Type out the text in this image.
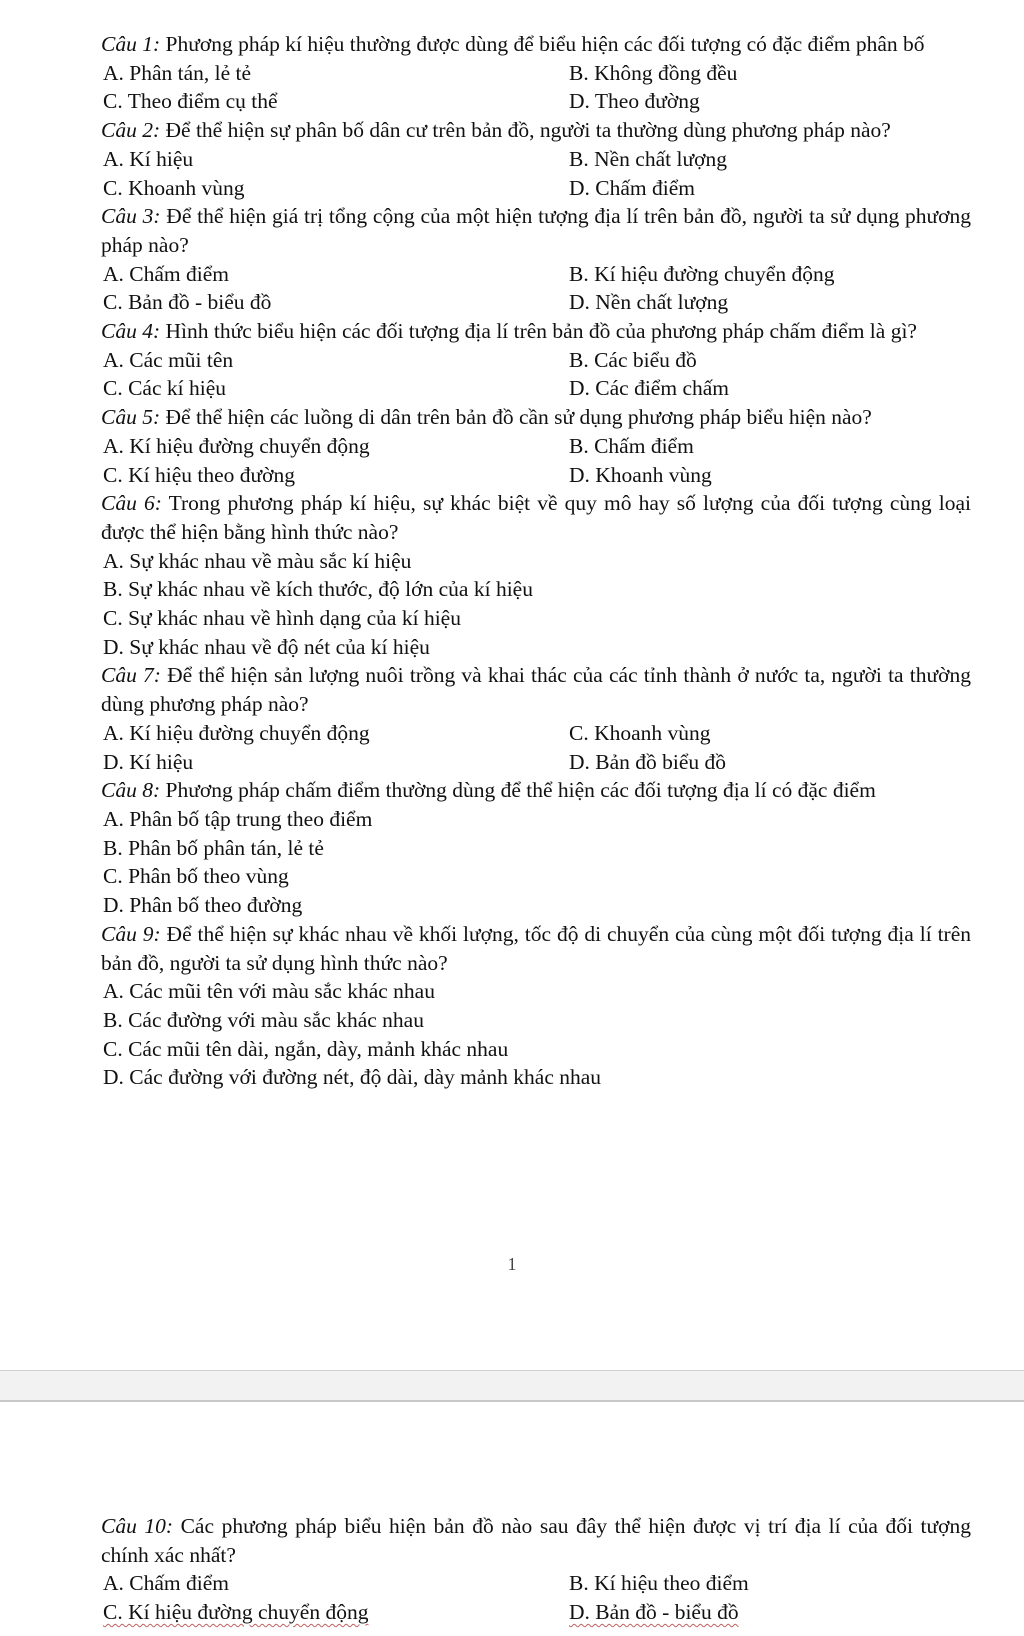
Câu 1: Phương pháp kí hiệu thường được dùng để biểu hiện các đối tượng có đặc điểm phân bố
A. Phân tán, lẻ tẻ	B. Không đồng đều
C. Theo điểm cụ thể	D. Theo đường
Câu 2: Để thể hiện sự phân bố dân cư trên bản đồ, người ta thường dùng phương pháp nào?
A. Kí hiệu	B. Nền chất lượng
C. Khoanh vùng	D. Chấm điểm
Câu 3: Để thể hiện giá trị tổng cộng của một hiện tượng địa lí trên bản đồ, người ta sử dụng phương pháp nào?
A. Chấm điểm	B. Kí hiệu đường chuyển động
C. Bản đồ - biểu đồ	D. Nền chất lượng
Câu 4: Hình thức biểu hiện các đối tượng địa lí trên bản đồ của phương pháp chấm điểm là gì?
A. Các mũi tên	B. Các biểu đồ
C. Các kí hiệu	D. Các điểm chấm
Câu 5: Để thể hiện các luồng di dân trên bản đồ cần sử dụng phương pháp biểu hiện nào?
A. Kí hiệu đường chuyển động	B. Chấm điểm
C. Kí hiệu theo đường	D. Khoanh vùng
Câu 6: Trong phương pháp kí hiệu, sự khác biệt về quy mô hay số lượng của đối tượng cùng loại được thể hiện bằng hình thức nào?
A. Sự khác nhau về màu sắc kí hiệu
B. Sự khác nhau về kích thước, độ lớn của kí hiệu
C. Sự khác nhau về hình dạng của kí hiệu
D. Sự khác nhau về độ nét của kí hiệu
Câu 7: Để thể hiện sản lượng nuôi trồng và khai thác của các tỉnh thành ở nước ta, người ta thường dùng phương pháp nào?
A. Kí hiệu đường chuyển động	C. Khoanh vùng
D. Kí hiệu	D. Bản đồ biểu đồ
Câu 8: Phương pháp chấm điểm thường dùng để thể hiện các đối tượng địa lí có đặc điểm
A. Phân bố tập trung theo điểm
B. Phân bố phân tán, lẻ tẻ
C. Phân bố theo vùng
D. Phân bố theo đường
Câu 9: Để thể hiện sự khác nhau về khối lượng, tốc độ di chuyển của cùng một đối tượng địa lí trên bản đồ, người ta sử dụng hình thức nào?
A. Các mũi tên với màu sắc khác nhau
B. Các đường với màu sắc khác nhau
C. Các mũi tên dài, ngắn, dày, mảnh khác nhau
D. Các đường với đường nét, độ dài, dày mảnh khác nhau
1
Câu 10: Các phương pháp biểu hiện bản đồ nào sau đây thể hiện được vị trí địa lí của đối tượng chính xác nhất?
A. Chấm điểm	B. Kí hiệu theo điểm
C. Kí hiệu đường chuyển động	D. Bản đồ - biểu đồ
